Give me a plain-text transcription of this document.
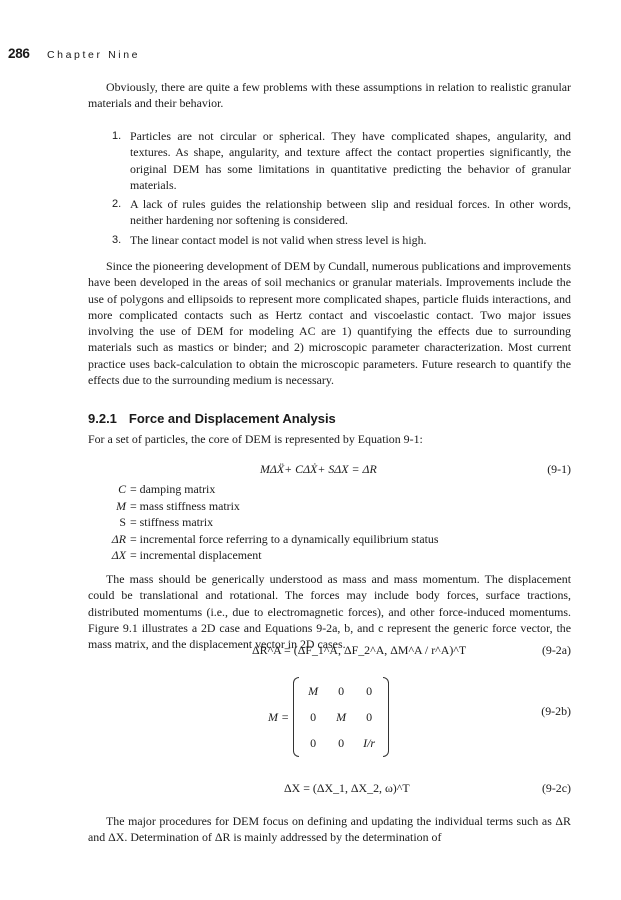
286 Chapter Nine

Obviously, there are quite a few problems with these assumptions in relation to realistic granular materials and their behavior.

1. Particles are not circular or spherical. They have complicated shapes, angularity, and textures. As shape, angularity, and texture affect the contact properties significantly, the original DEM has some limitations in quantitative predicting the behavior of granular materials.
2. A lack of rules guides the relationship between slip and residual forces. In other words, neither hardening nor softening is considered.
3. The linear contact model is not valid when stress level is high.

Since the pioneering development of DEM by Cundall, numerous publications and improvements have been developed in the areas of soil mechanics or granular materials. Improvements include the use of polygons and ellipsoids to represent more complicated shapes, particle fluids interactions, and more complicated contacts such as Hertz contact and viscoelastic contact. Two major issues involving the use of DEM for modeling AC are 1) quantifying the effects due to surrounding materials such as mastics or binder; and 2) microscopic parameter characterization. Most current practice uses back-calculation to obtain the microscopic parameters. Future research to quantify the effects due to the surrounding medium is necessary.

9.2.1 Force and Displacement Analysis

For a set of particles, the core of DEM is represented by Equation 9-1:

MΔẌ+ CΔẊ+ SΔX = ΔR	(9-1)
C = damping matrix
M = mass stiffness matrix
S = stiffness matrix
ΔR = incremental force referring to a dynamically equilibrium status
ΔX = incremental displacement

The mass should be generically understood as mass and mass momentum. The displacement could be translational and rotational. The forces may include body forces, surface tractions, distributed momentums (i.e., due to electromagnetic forces), and other force-induced momentums. Figure 9.1 illustrates a 2D case and Equations 9-2a, b, and c represent the generic force vector, the mass matrix, and the displacement vector in 2D cases.

ΔR^A = (ΔF_1^A, ΔF_2^A, ΔM^A / r^A)^T	(9-2a)
M =
M 0 0
0 M 0
0 0 I/r
(9-2b)
ΔX = (ΔX_1, ΔX_2, ω)^T	(9-2c)

The major procedures for DEM focus on defining and updating the individual terms such as ΔR and ΔX. Determination of ΔR is mainly addressed by the determination of
